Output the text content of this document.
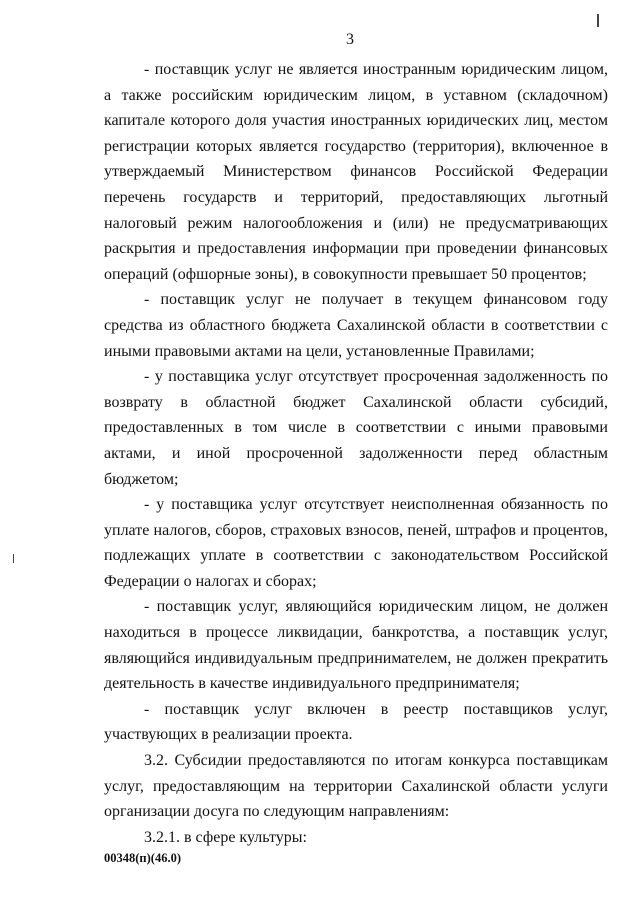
3

- поставщик услуг не является иностранным юридическим лицом, а также российским юридическим лицом, в уставном (складочном) капитале которого доля участия иностранных юридических лиц, местом регистрации которых является государство (территория), включенное в утверждаемый Министерством финансов Российской Федерации перечень государств и территорий, предоставляющих льготный налоговый режим налогообложения и (или) не предусматривающих раскрытия и предоставления информации при проведении финансовых операций (офшорные зоны), в совокупности превышает 50 процентов;

- поставщик услуг не получает в текущем финансовом году средства из областного бюджета Сахалинской области в соответствии с иными правовыми актами на цели, установленные Правилами;

- у поставщика услуг отсутствует просроченная задолженность по возврату в областной бюджет Сахалинской области субсидий, предоставленных в том числе в соответствии с иными правовыми актами, и иной просроченной задолженности перед областным бюджетом;

- у поставщика услуг отсутствует неисполненная обязанность по уплате налогов, сборов, страховых взносов, пеней, штрафов и процентов, подлежащих уплате в соответствии с законодательством Российской Федерации о налогах и сборах;

- поставщик услуг, являющийся юридическим лицом, не должен находиться в процессе ликвидации, банкротства, а поставщик услуг, являющийся индивидуальным предпринимателем, не должен прекратить деятельность в качестве индивидуального предпринимателя;

- поставщик услуг включен в реестр поставщиков услуг, участвующих в реализации проекта.

3.2. Субсидии предоставляются по итогам конкурса поставщикам услуг, предоставляющим на территории Сахалинской области услуги организации досуга по следующим направлениям:

3.2.1. в сфере культуры:

00348(п)(46.0)
